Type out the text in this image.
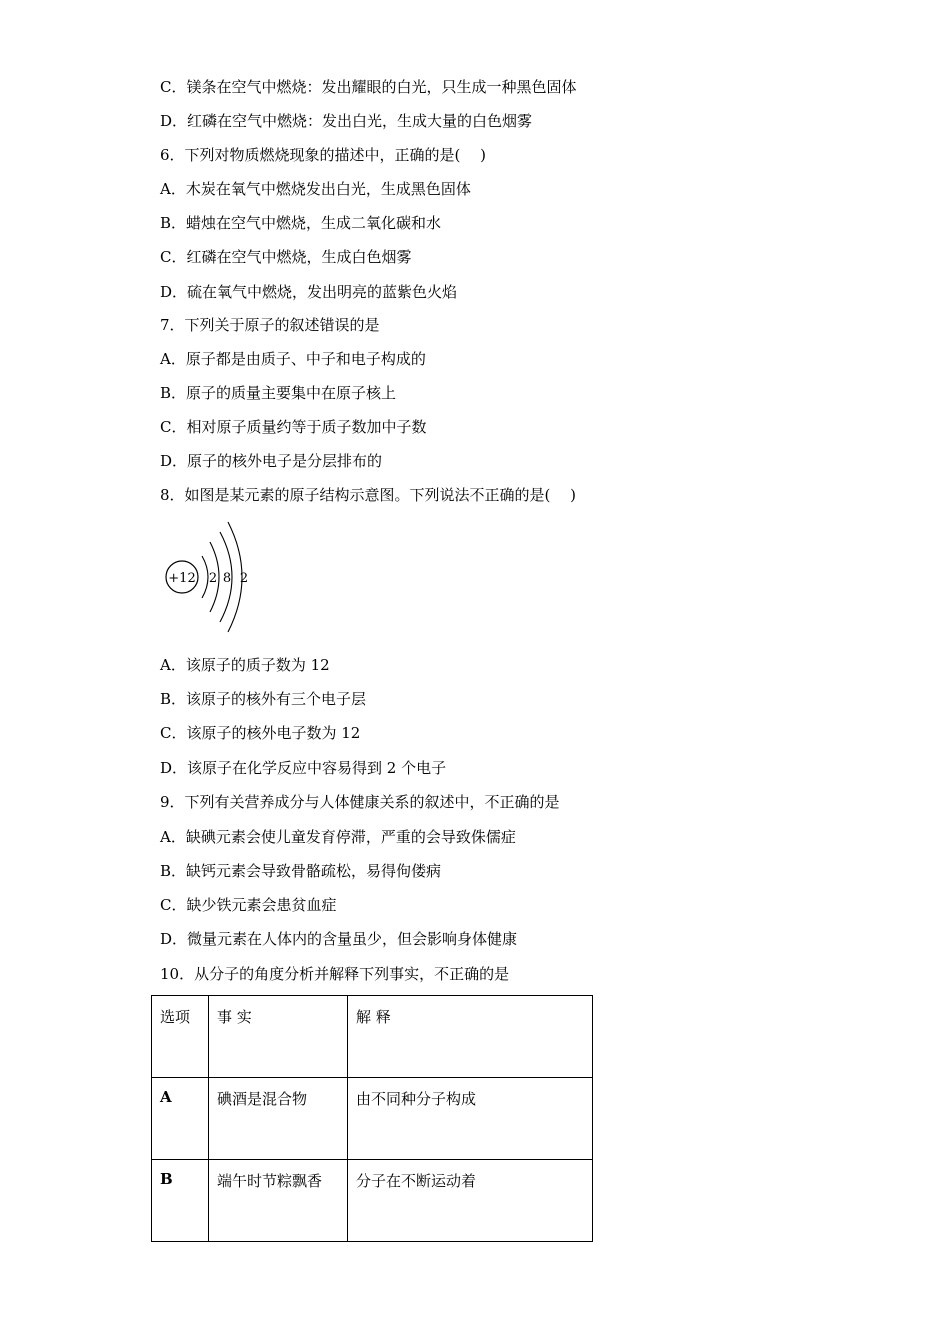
C．镁条在空气中燃烧：发出耀眼的白光，只生成一种黑色固体
D．红磷在空气中燃烧：发出白光，生成大量的白色烟雾
6．下列对物质燃烧现象的描述中，正确的是(　 )
A．木炭在氧气中燃烧发出白光，生成黑色固体
B．蜡烛在空气中燃烧，生成二氧化碳和水
C．红磷在空气中燃烧，生成白色烟雾
D．硫在氧气中燃烧，发出明亮的蓝紫色火焰
7．下列关于原子的叙述错误的是
A．原子都是由质子、中子和电子构成的
B．原子的质量主要集中在原子核上
C．相对原子质量约等于质子数加中子数
D．原子的核外电子是分层排布的
8．如图是某元素的原子结构示意图。下列说法不正确的是(　 )
+12 2 8 2
A．该原子的质子数为 12
B．该原子的核外有三个电子层
C．该原子的核外电子数为 12
D．该原子在化学反应中容易得到 2 个电子
9．下列有关营养成分与人体健康关系的叙述中，不正确的是
A．缺碘元素会使儿童发育停滞，严重的会导致侏儒症
B．缺钙元素会导致骨骼疏松，易得佝偻病
C．缺少铁元素会患贫血症
D．微量元素在人体内的含量虽少，但会影响身体健康
10．从分子的角度分析并解释下列事实，不正确的是
选项	事 实	解 释
A	碘酒是混合物	由不同种分子构成
B	端午时节粽飘香	分子在不断运动着
